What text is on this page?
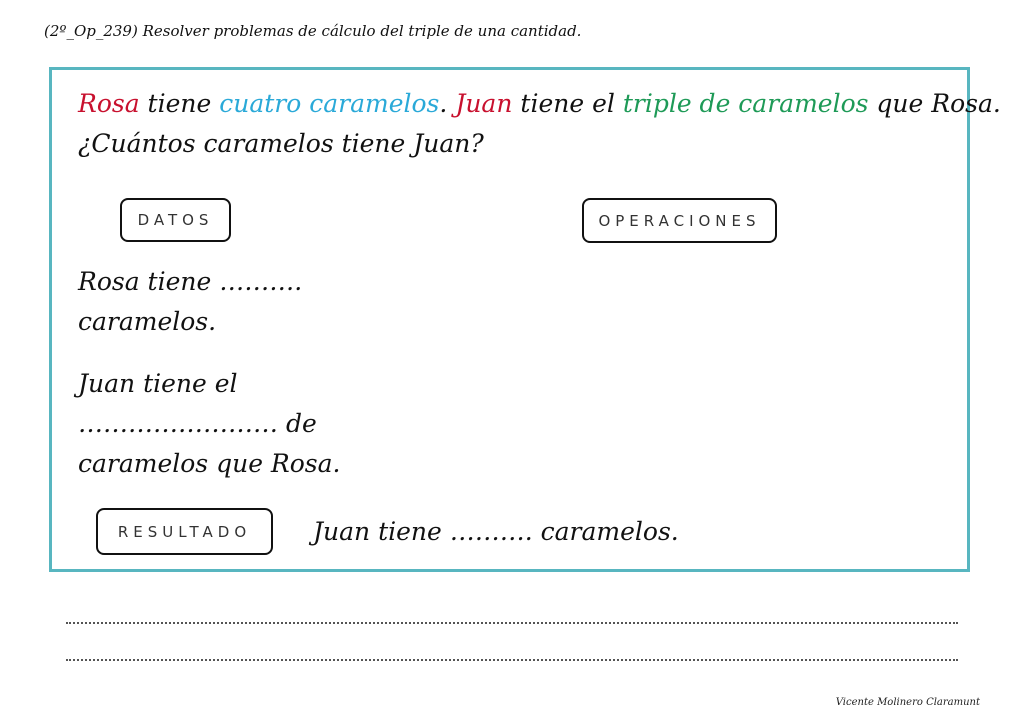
(2º_Op_239) Resolver problemas de cálculo del triple de una cantidad.
Rosa tiene cuatro caramelos. Juan tiene el triple de caramelos que Rosa.
¿Cuántos caramelos tiene Juan?
DATOS	OPERACIONES
Rosa tiene ……….
caramelos.
Juan tiene el
…………………… de
caramelos que Rosa.
RESULTADO	Juan tiene ………. caramelos.
Vicente Molinero Claramunt
